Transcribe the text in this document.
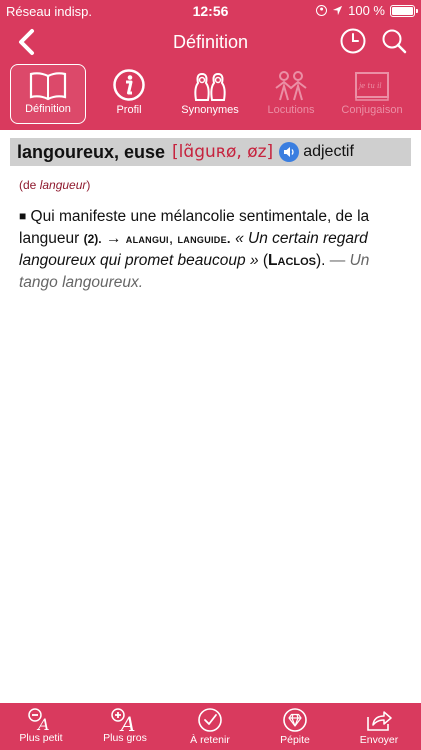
Réseau indisp.	12:56	● 100 %
Définition
Définition	Profil	Synonymes	Locutions
je tu il
Conjugaison
langoureux, euse [lɑ̃guʀø, øz] adjectif
(de langueur)
■ Qui manifeste une mélancolie sentimentale, de la langueur (2). → alangui, languide. « Un certain regard langoureux qui promet beaucoup » (Laclos). — Un tango langoureux.
A
Plus petit
A
Plus gros	À retenir	Pépite	Envoyer
